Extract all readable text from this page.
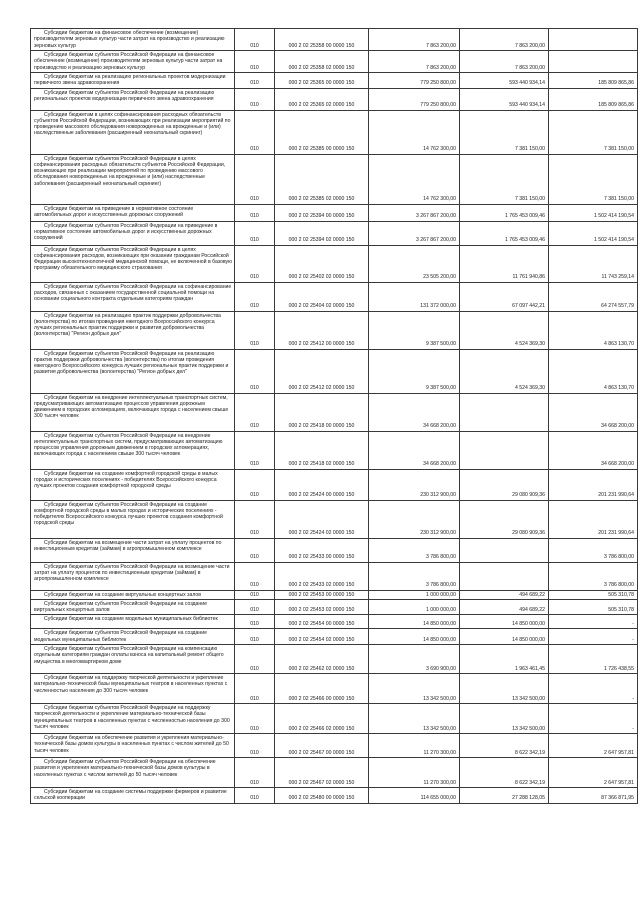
Субсидии бюджетам на финансовое обеспечение (возмещение) производителям зерновых культур части затрат на производство и реализацию зерновых культур	010	000 2 02 25358 00 0000 150	7 863 200,00	7 863 200,00	

Субсидии бюджетам субъектов Российской Федерации на финансовое обеспечение (возмещение) производителям зерновых культур части затрат на производство и реализацию зерновых культур	010	000 2 02 25358 02 0000 150	7 863 200,00	7 863 200,00	

Субсидии бюджетам на реализацию региональных проектов модернизации первичного звена здравоохранения	010	000 2 02 25365 00 0000 150	779 250 800,00	593 440 934,14	185 809 865,86

Субсидии бюджетам субъектов Российской Федерации на реализацию региональных проектов модернизации первичного звена здравоохранения	010	000 2 02 25365 02 0000 150	779 250 800,00	593 440 934,14	185 809 865,86

Субсидии бюджетам в целях софинансирования расходных обязательств субъектов Российской Федерации, возникающих при реализации мероприятий по проведению массового обследования новорожденных на врожденные и (или) наследственные заболевания (расширенный неонатальный скрининг)	010	000 2 02 25385 00 0000 150	14 762 300,00	7 381 150,00	7 381 150,00

Субсидии бюджетам субъектов Российской Федерации в целях софинансирования расходных обязательств субъектов Российской Федерации, возникающих при реализации мероприятий по проведению массового обследования новорожденных на врожденные и (или) наследственные заболевания (расширенный неонатальный скрининг)	010	000 2 02 25385 02 0000 150	14 762 300,00	7 381 150,00	7 381 150,00

Субсидии бюджетам на приведение в нормативное состояние автомобильных дорог и искусственных дорожных сооружений	010	000 2 02 25394 00 0000 150	3 267 867 200,00	1 765 453 009,46	1 502 414 190,54

Субсидии бюджетам субъектов Российской Федерации на приведение в нормативное состояние автомобильных дорог и искусственных дорожных сооружений	010	000 2 02 25394 02 0000 150	3 267 867 200,00	1 765 453 009,46	1 502 414 190,54

Субсидии бюджетам субъектов Российской Федерации в целях софинансирования расходов, возникающих при оказании гражданам Российской Федерации высокотехнологичной медицинской помощи, не включенной в базовую программу обязательного медицинского страхования	010	000 2 02 25402 02 0000 150	23 505 200,00	11 761 940,86	11 743 259,14

Субсидии бюджетам субъектов Российской Федерации на софинансирование расходов, связанных с оказанием государственной социальной помощи на основании социального контракта отдельным категориям граждан	010	000 2 02 25404 02 0000 150	131 372 000,00	67 097 442,21	64 274 557,79

Субсидии бюджетам на реализацию практик поддержки добровольчества (волонтерства) по итогам проведения ежегодного Всероссийского конкурса лучших региональных практик поддержки и развития добровольчества (волонтерства) "Регион добрых дел"	010	000 2 02 25412 00 0000 150	9 387 500,00	4 524 369,30	4 863 130,70

Субсидии бюджетам субъектов Российской Федерации на реализацию практик поддержки добровольчества (волонтерства) по итогам проведения ежегодного Всероссийского конкурса лучших региональных практик поддержки и развития добровольчества (волонтерства) "Регион добрых дел"	010	000 2 02 25412 02 0000 150	9 387 500,00	4 524 369,30	4 863 130,70

Субсидии бюджетам на внедрение интеллектуальных транспортных систем, предусматривающих автоматизацию процессов управления дорожным движением в городских агломерациях, включающих города с населением свыше 300 тысяч человек	010	000 2 02 25418 00 0000 150	34 668 200,00		34 668 200,00

Субсидии бюджетам субъектов Российской Федерации на внедрение интеллектуальных транспортных систем, предусматривающих автоматизацию процессов управления дорожным движением в городских агломерациях, включающих города с населением свыше 300 тысяч человек	010	000 2 02 25418 02 0000 150	34 668 200,00		34 668 200,00

Субсидии бюджетам на создание комфортной городской среды в малых городах и исторических поселениях - победителях Всероссийского конкурса лучших проектов создания комфортной городской среды	010	000 2 02 25424 00 0000 150	230 312 900,00	29 080 909,36	201 231 990,64

Субсидии бюджетам субъектов Российской Федерации на создание комфортной городской среды в малых городах и исторических поселениях - победителях Всероссийского конкурса лучших проектов создания комфортной городской среды	010	000 2 02 25424 02 0000 150	230 312 900,00	29 080 909,36	201 231 990,64

Субсидии бюджетам на возмещение части затрат на уплату процентов по инвестиционным кредитам (займам) в агропромышленном комплексе	010	000 2 02 25433 00 0000 150	3 786 800,00		3 786 800,00

Субсидии бюджетам субъектов Российской Федерации на возмещение части затрат на уплату процентов по инвестиционным кредитам (займам) в агропромышленном комплексе	010	000 2 02 25433 02 0000 150	3 786 800,00		3 786 800,00

Субсидии бюджетам на создание виртуальных концертных залов	010	000 2 02 25453 00 0000 150	1 000 000,00	494 689,22	505 310,78

Субсидии бюджетам субъектов Российской Федерации на создание виртуальных концертных залов	010	000 2 02 25453 02 0000 150	1 000 000,00	494 689,22	505 310,78

Субсидии бюджетам на создание модельных муниципальных библиотек	010	000 2 02 25454 00 0000 150	14 850 000,00	14 850 000,00	-

Субсидии бюджетам субъектов Российской Федерации на создание модельных муниципальных библиотек	010	000 2 02 25454 02 0000 150	14 850 000,00	14 850 000,00	-

Субсидии бюджетам субъектов Российской Федерации на компенсацию отдельным категориям граждан оплаты взноса на капитальный ремонт общего имущества в многоквартирном доме	010	000 2 02 25462 02 0000 150	3 690 900,00	1 963 461,45	1 726 438,55

Субсидии бюджетам на поддержку творческой деятельности и укрепление материально-технической базы муниципальных театров в населенных пунктах с численностью населения до 300 тысяч человек	010	000 2 02 25466 00 0000 150	13 342 500,00	13 342 500,00	-

Субсидии бюджетам субъектов Российской Федерации на поддержку творческой деятельности и укрепление материально-технической базы муниципальных театров в населенных пунктах с численностью населения до 300 тысяч человек	010	000 2 02 25466 02 0000 150	13 342 500,00	13 342 500,00	-

Субсидии бюджетам на обеспечение развития и укрепления материально-технической базы домов культуры в населенных пунктах с числом жителей до 50 тысяч человек	010	000 2 02 25467 00 0000 150	11 270 300,00	8 622 342,19	2 647 957,81

Субсидии бюджетам субъектов Российской Федерации на обеспечение развития и укрепления материально-технической базы домов культуры в населенных пунктах с числом жителей до 50 тысяч человек	010	000 2 02 25467 02 0000 150	11 270 300,00	8 622 342,19	2 647 957,81

Субсидии бюджетам на создание системы поддержки фермеров и развитие сельской кооперации	010	000 2 02 25480 00 0000 150	114 655 000,00	27 288 128,05	87 366 871,95
